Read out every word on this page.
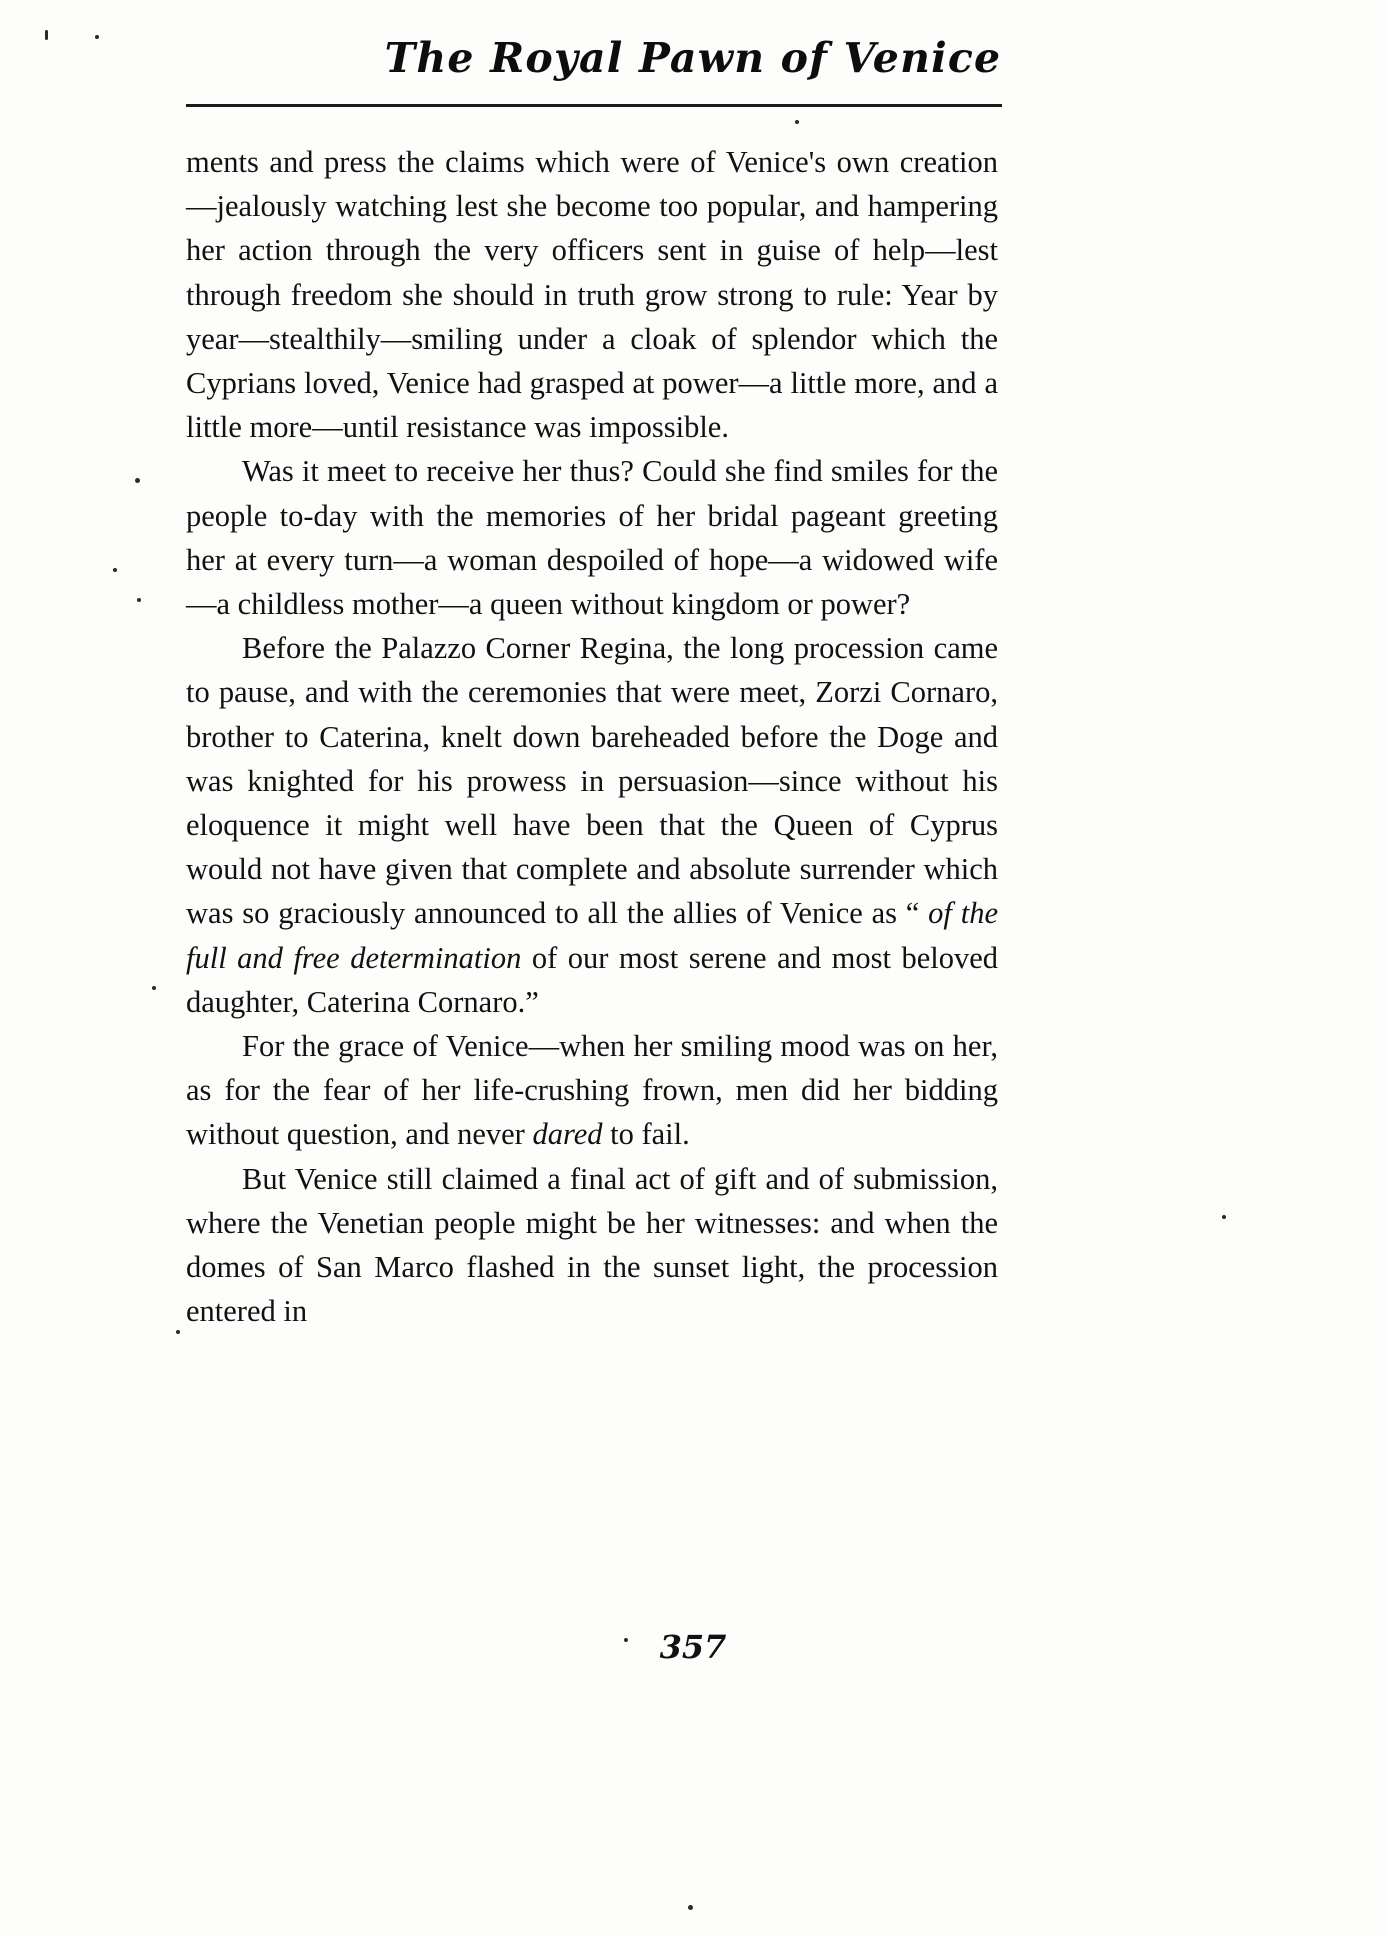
The Royal Pawn of Venice

ments and press the claims which were of Venice's own creation—jealously watching lest she become too popular, and hampering her action through the very officers sent in guise of help—lest through freedom she should in truth grow strong to rule: Year by year—stealthily—smiling under a cloak of splendor which the Cyprians loved, Venice had grasped at power—a little more, and a little more—until resistance was impossible.

Was it meet to receive her thus? Could she find smiles for the people to-day with the memories of her bridal pageant greeting her at every turn—a woman despoiled of hope—a widowed wife—a childless mother—a queen without kingdom or power?

Before the Palazzo Corner Regina, the long procession came to pause, and with the ceremonies that were meet, Zorzi Cornaro, brother to Caterina, knelt down bareheaded before the Doge and was knighted for his prowess in persuasion—since without his eloquence it might well have been that the Queen of Cyprus would not have given that complete and absolute surrender which was so graciously announced to all the allies of Venice as “ of the full and free determination of our most serene and most beloved daughter, Caterina Cornaro.”

For the grace of Venice—when her smiling mood was on her, as for the fear of her life-crushing frown, men did her bidding without question, and never dared to fail.

But Venice still claimed a final act of gift and of submission, where the Venetian people might be her witnesses: and when the domes of San Marco flashed in the sunset light, the procession entered in

357
